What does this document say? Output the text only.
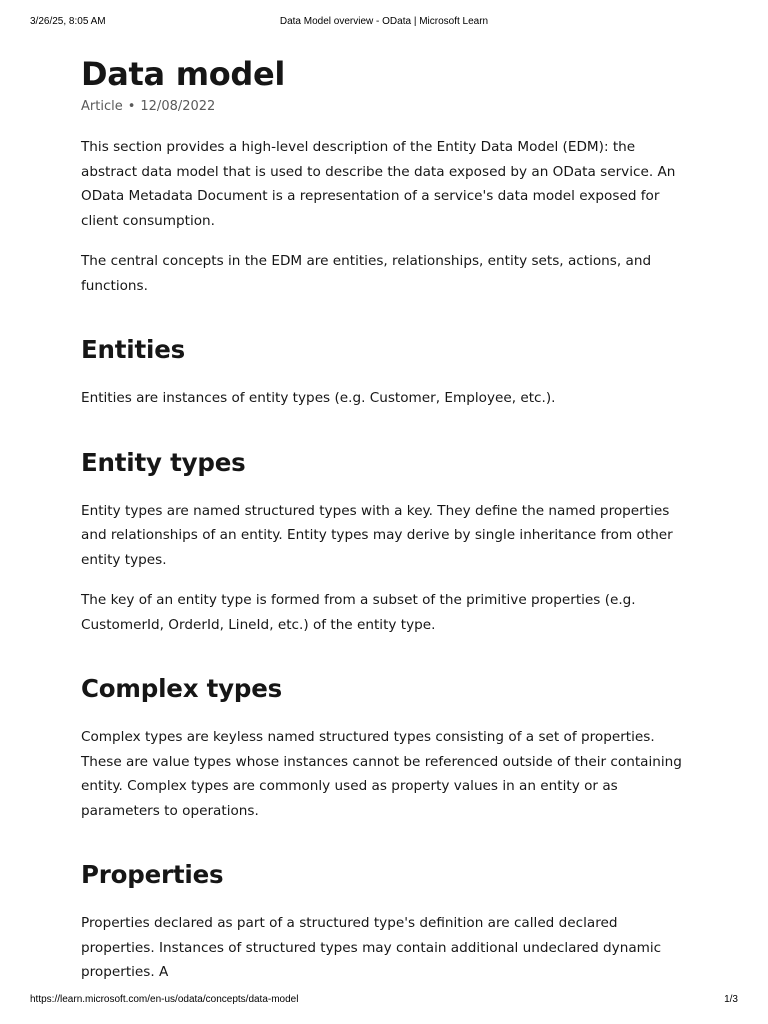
3/26/25, 8:05 AM	Data Model overview - OData | Microsoft Learn
Data model
Article • 12/08/2022

This section provides a high-level description of the Entity Data Model (EDM): the abstract data model that is used to describe the data exposed by an OData service. An OData Metadata Document is a representation of a service's data model exposed for client consumption.

The central concepts in the EDM are entities, relationships, entity sets, actions, and functions.

Entities

Entities are instances of entity types (e.g. Customer, Employee, etc.).

Entity types

Entity types are named structured types with a key. They define the named properties and relationships of an entity. Entity types may derive by single inheritance from other entity types.

The key of an entity type is formed from a subset of the primitive properties (e.g. CustomerId, OrderId, LineId, etc.) of the entity type.

Complex types

Complex types are keyless named structured types consisting of a set of properties. These are value types whose instances cannot be referenced outside of their containing entity. Complex types are commonly used as property values in an entity or as parameters to operations.

Properties

Properties declared as part of a structured type's definition are called declared properties. Instances of structured types may contain additional undeclared dynamic properties. A

https://learn.microsoft.com/en-us/odata/concepts/data-model	1/3
